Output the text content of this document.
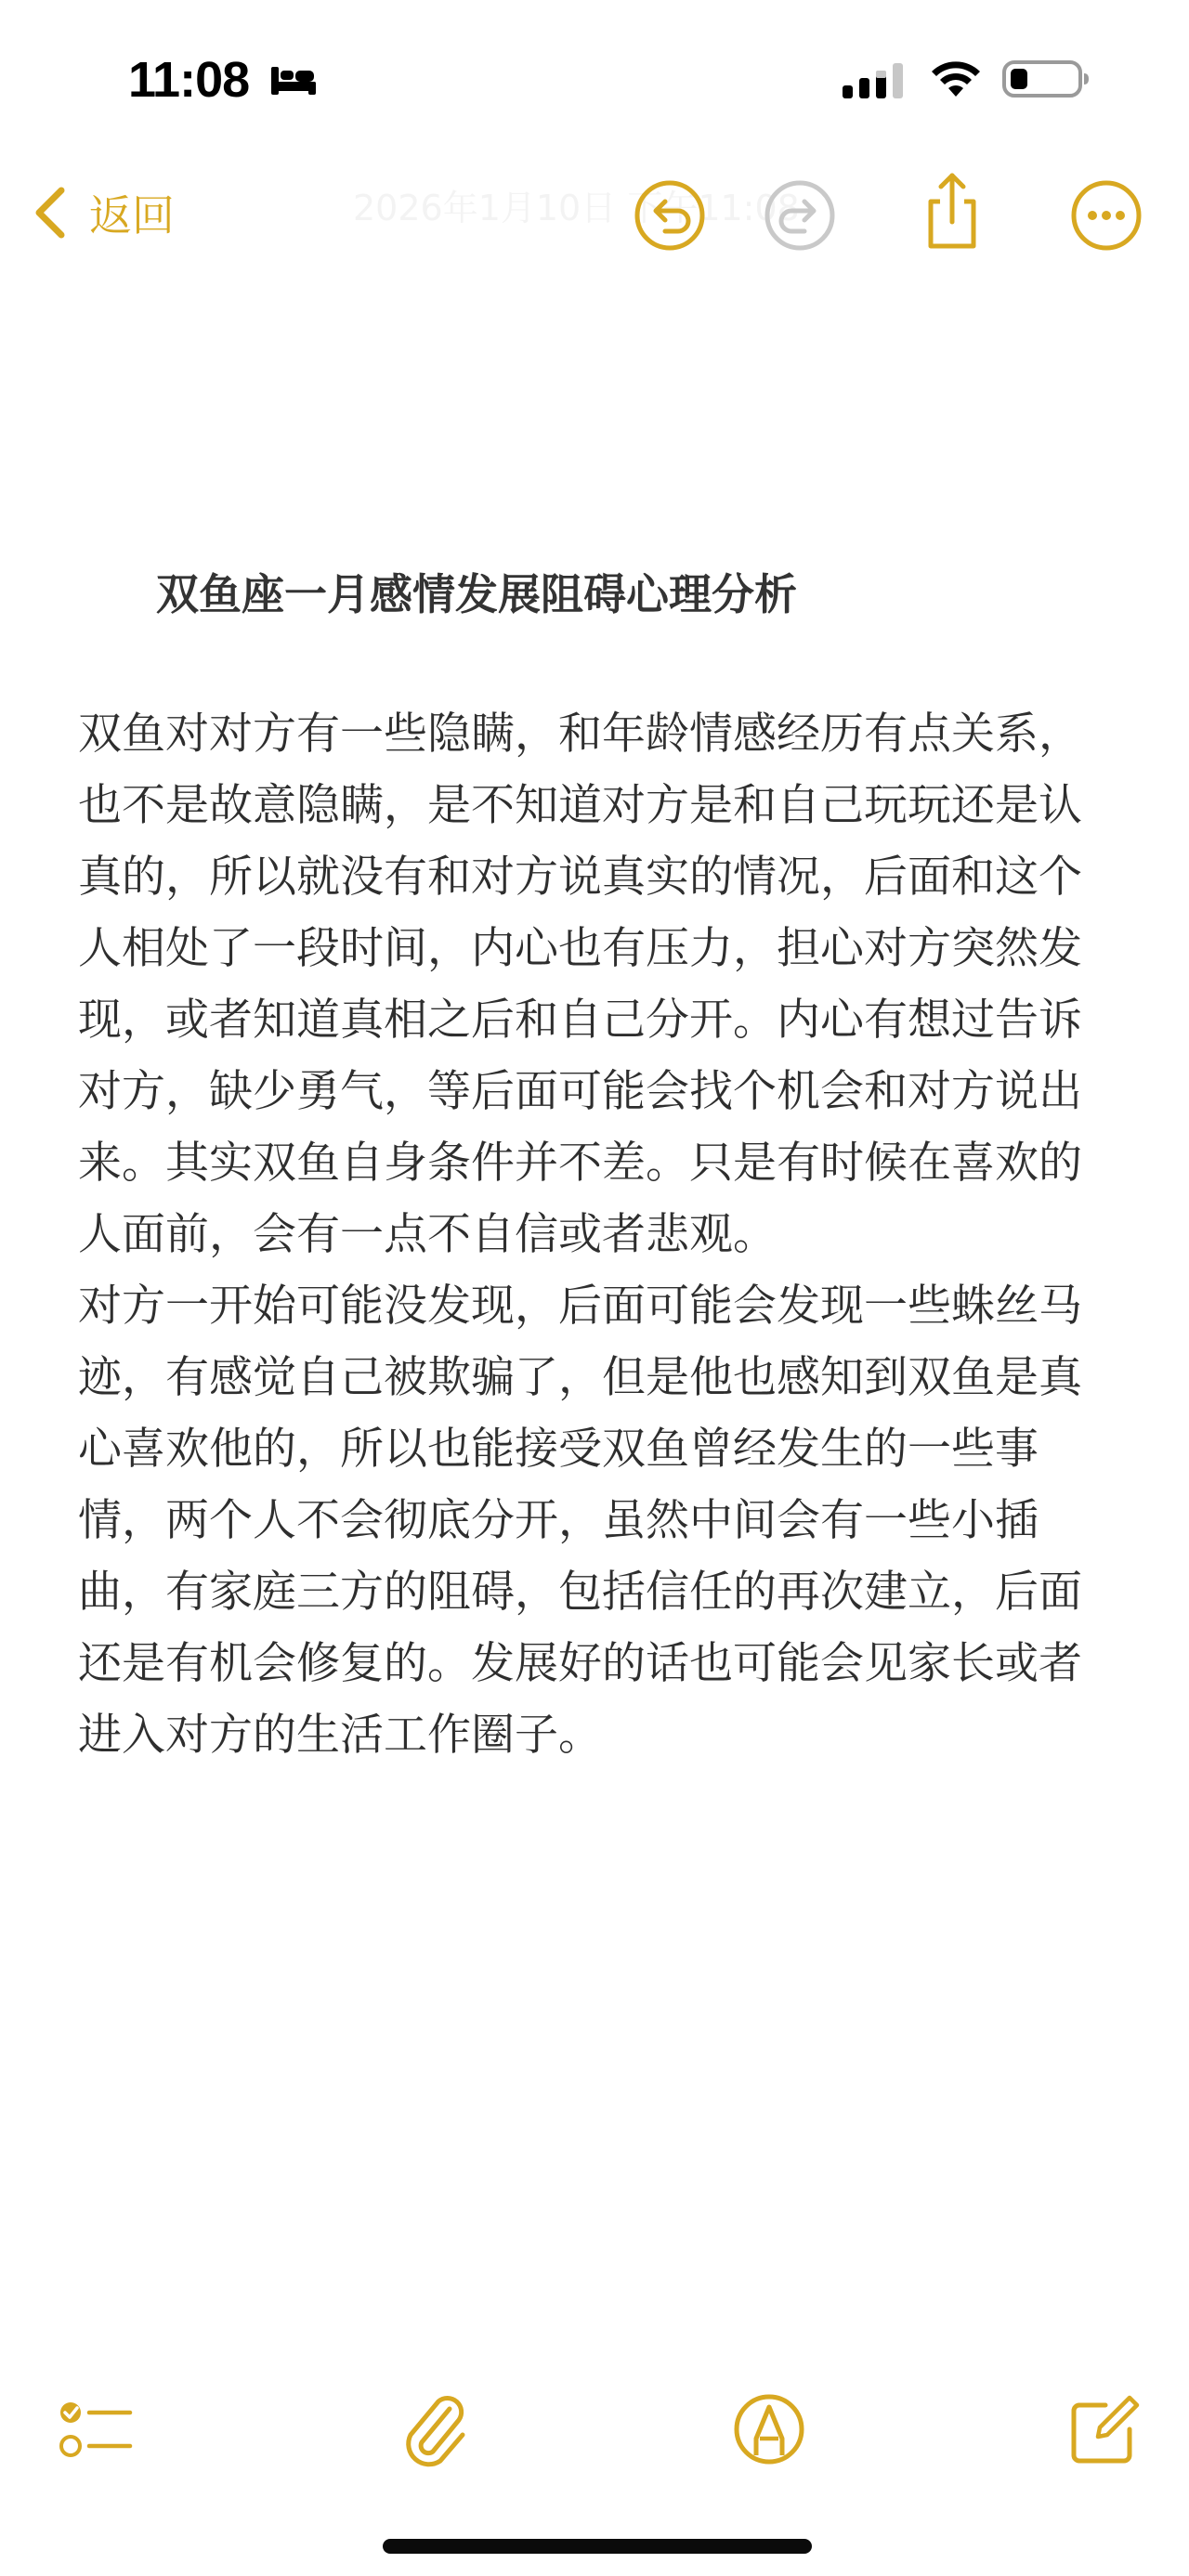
11:08
2026年1月10日 下午11:08
返回
双鱼座一月感情发展阻碍心理分析

双鱼对对方有一些隐瞒，和年龄情感经历有点关系，也不是故意隐瞒，是不知道对方是和自己玩玩还是认真的，所以就没有和对方说真实的情况，后面和这个人相处了一段时间，内心也有压力，担心对方突然发现，或者知道真相之后和自己分开。内心有想过告诉对方，缺少勇气，等后面可能会找个机会和对方说出来。其实双鱼自身条件并不差。只是有时候在喜欢的人面前，会有一点不自信或者悲观。

对方一开始可能没发现，后面可能会发现一些蛛丝马迹，有感觉自己被欺骗了，但是他也感知到双鱼是真心喜欢他的，所以也能接受双鱼曾经发生的一些事情，两个人不会彻底分开，虽然中间会有一些小插曲，有家庭三方的阻碍，包括信任的再次建立，后面还是有机会修复的。发展好的话也可能会见家长或者进入对方的生活工作圈子。
